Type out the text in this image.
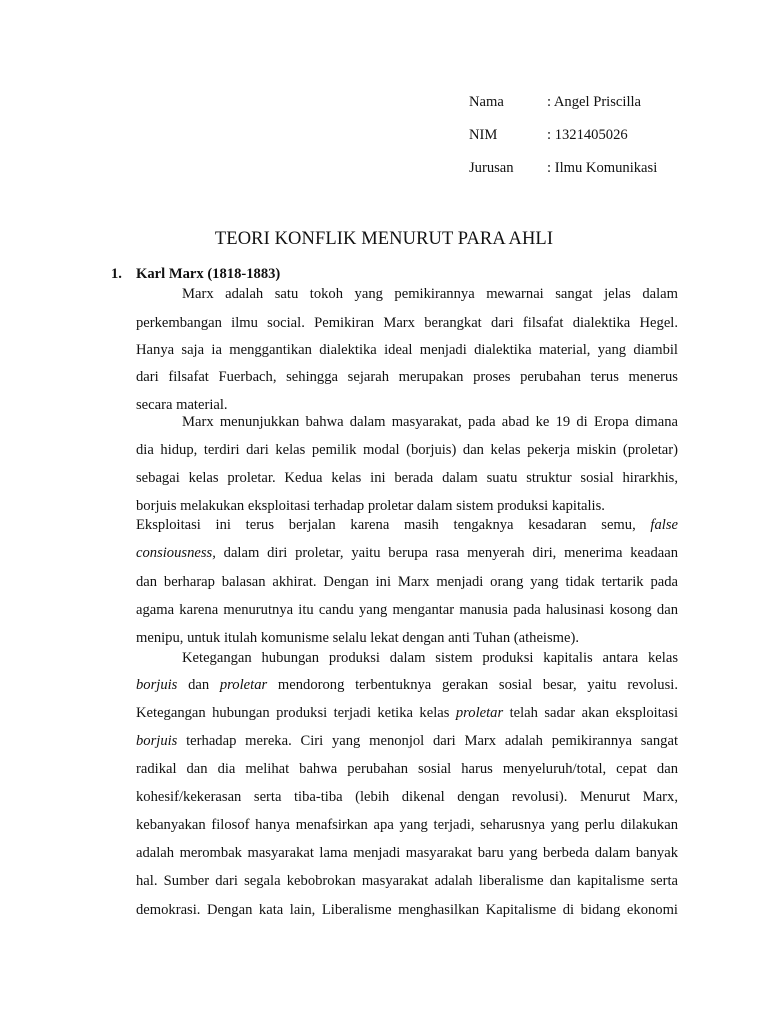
Nama	: Angel Priscilla
NIM	: 1321405026
Jurusan	: Ilmu Komunikasi
TEORI KONFLIK MENURUT PARA AHLI
1. Karl Marx (1818-1883)
Marx adalah satu tokoh yang pemikirannya mewarnai sangat jelas dalam
perkembangan ilmu social. Pemikiran Marx berangkat dari filsafat dialektika Hegel.
Hanya saja ia menggantikan dialektika ideal menjadi dialektika material, yang diambil
dari filsafat Fuerbach, sehingga sejarah merupakan proses perubahan terus menerus
secara material.
Marx menunjukkan bahwa dalam masyarakat, pada abad ke 19 di Eropa dimana
dia hidup, terdiri dari kelas pemilik modal (borjuis) dan kelas pekerja miskin (proletar)
sebagai kelas proletar. Kedua kelas ini berada dalam suatu struktur sosial hirarkhis,
borjuis melakukan eksploitasi terhadap proletar dalam sistem produksi kapitalis.
Eksploitasi ini terus berjalan karena masih tengaknya kesadaran semu, false
consiousness, dalam diri proletar, yaitu berupa rasa menyerah diri, menerima keadaan
dan berharap balasan akhirat. Dengan ini Marx menjadi orang yang tidak tertarik pada
agama karena menurutnya itu candu yang mengantar manusia pada halusinasi kosong dan
menipu, untuk itulah komunisme selalu lekat dengan anti Tuhan (atheisme).
Ketegangan hubungan produksi dalam sistem produksi kapitalis antara kelas
borjuis dan proletar mendorong terbentuknya gerakan sosial besar, yaitu revolusi.
Ketegangan hubungan produksi terjadi ketika kelas proletar telah sadar akan eksploitasi
borjuis terhadap mereka. Ciri yang menonjol dari Marx adalah pemikirannya sangat
radikal dan dia melihat bahwa perubahan sosial harus menyeluruh/total, cepat dan
kohesif/kekerasan serta tiba-tiba (lebih dikenal dengan revolusi). Menurut Marx,
kebanyakan filosof hanya menafsirkan apa yang terjadi, seharusnya yang perlu dilakukan
adalah merombak masyarakat lama menjadi masyarakat baru yang berbeda dalam banyak
hal. Sumber dari segala kebobrokan masyarakat adalah liberalisme dan kapitalisme serta
demokrasi. Dengan kata lain, Liberalisme menghasilkan Kapitalisme di bidang ekonomi
